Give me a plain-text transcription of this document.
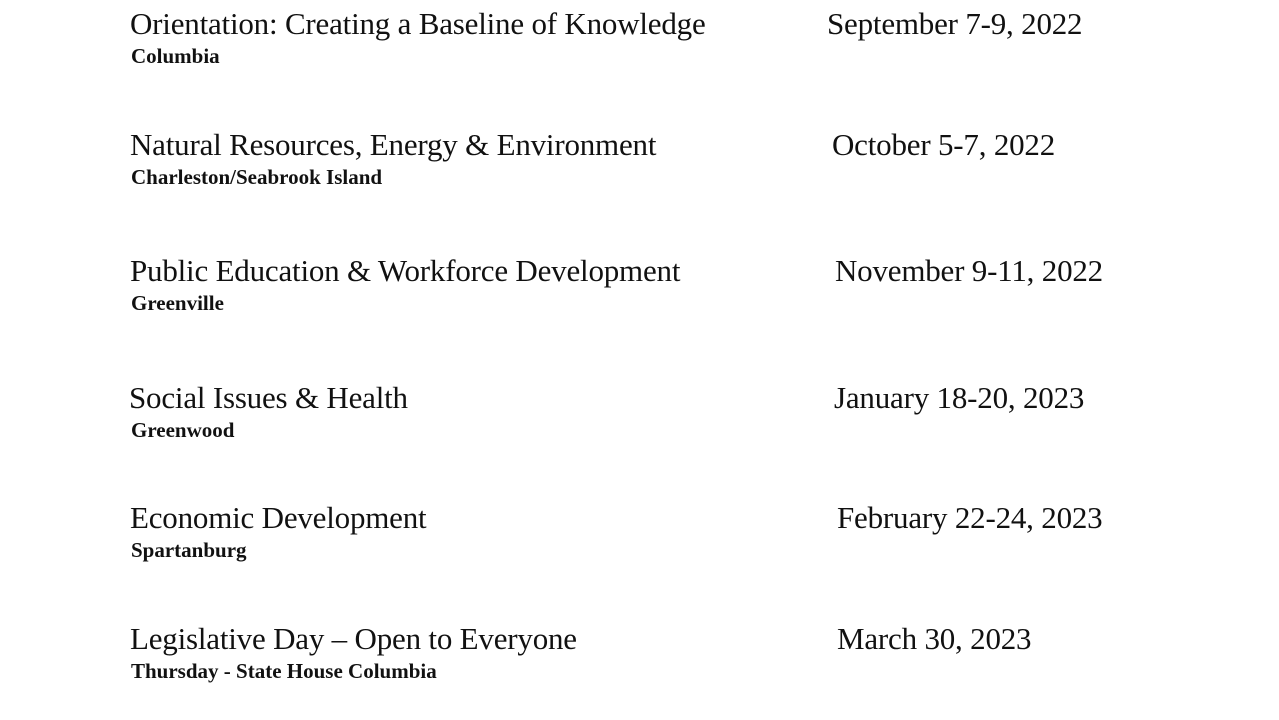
Orientation: Creating a Baseline of Knowledge
Columbia
September 7-9, 2022
Natural Resources, Energy & Environment
Charleston/Seabrook Island
October 5-7, 2022
Public Education & Workforce Development
Greenville
November 9-11, 2022
Social Issues & Health
Greenwood
January 18-20, 2023
Economic Development
Spartanburg
February 22-24, 2023
Legislative Day – Open to Everyone
Thursday - State House Columbia
March 30, 2023
